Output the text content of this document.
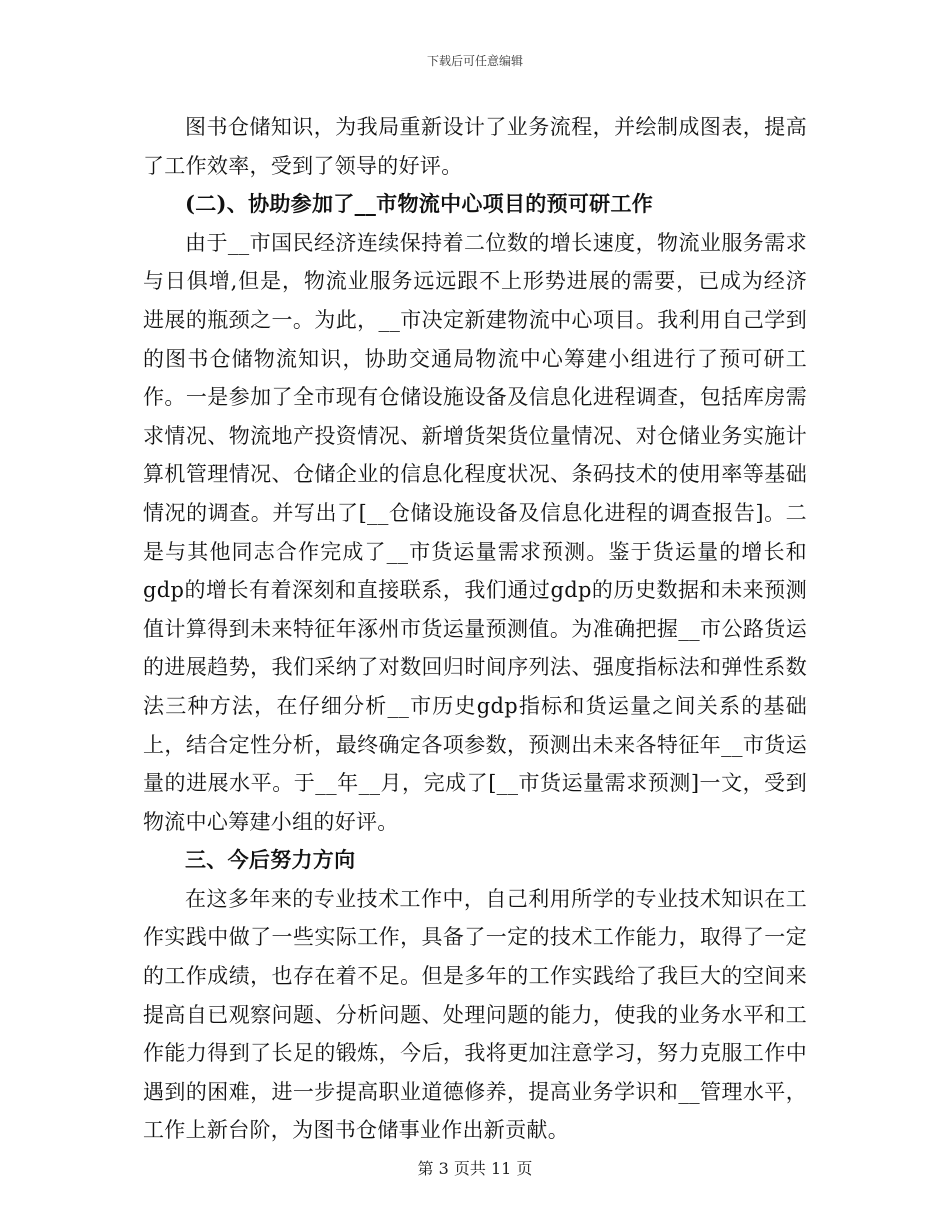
下载后可任意编辑

图书仓储知识，为我局重新设计了业务流程，并绘制成图表，提高了工作效率，受到了领导的好评。

(二)、协助参加了__市物流中心项目的预可研工作

由于__市国民经济连续保持着二位数的增长速度，物流业服务需求与日俱增,但是，物流业服务远远跟不上形势进展的需要，已成为经济进展的瓶颈之一。为此，__市决定新建物流中心项目。我利用自己学到的图书仓储物流知识，协助交通局物流中心筹建小组进行了预可研工作。一是参加了全市现有仓储设施设备及信息化进程调查，包括库房需求情况、物流地产投资情况、新增货架货位量情况、对仓储业务实施计算机管理情况、仓储企业的信息化程度状况、条码技术的使用率等基础情况的调查。并写出了[__仓储设施设备及信息化进程的调查报告]。二是与其他同志合作完成了__市货运量需求预测。鉴于货运量的增长和gdp的增长有着深刻和直接联系，我们通过gdp的历史数据和未来预测值计算得到未来特征年涿州市货运量预测值。为准确把握__市公路货运的进展趋势，我们采纳了对数回归时间序列法、强度指标法和弹性系数法三种方法，在仔细分析__市历史gdp指标和货运量之间关系的基础上，结合定性分析，最终确定各项参数，预测出未来各特征年__市货运量的进展水平。于__年__月，完成了[__市货运量需求预测]一文，受到物流中心筹建小组的好评。

三、今后努力方向

在这多年来的专业技术工作中，自己利用所学的专业技术知识在工作实践中做了一些实际工作，具备了一定的技术工作能力，取得了一定的工作成绩，也存在着不足。但是多年的工作实践给了我巨大的空间来提高自已观察问题、分析问题、处理问题的能力，使我的业务水平和工作能力得到了长足的锻炼，今后，我将更加注意学习，努力克服工作中遇到的困难，进一步提高职业道德修养，提高业务学识和__管理水平，工作上新台阶，为图书仓储事业作出新贡献。

第 3 页共 11 页
